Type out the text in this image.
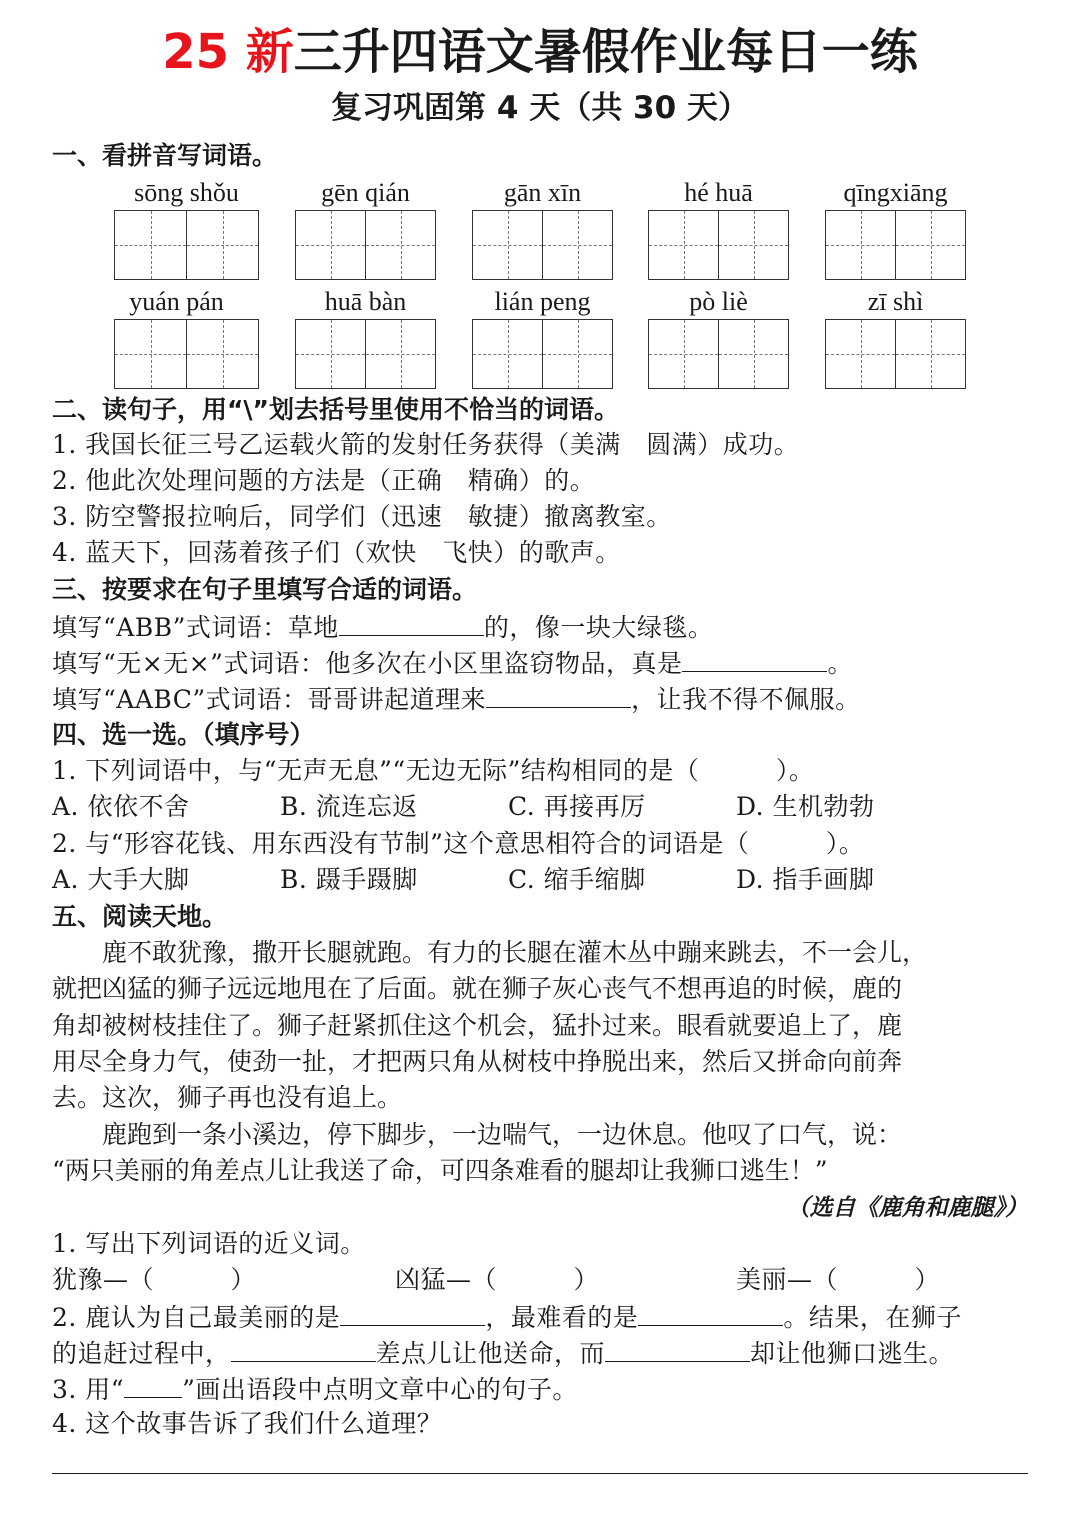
25 新三升四语文暑假作业每日一练
复习巩固第 4 天（共 30 天）
一、看拼音写词语。
sōng shǒu	gēn qián	gān xīn	hé huā	qīngxiāng
yuán pán	huā bàn	lián peng	pò liè	zī shì
二、读句子，用“\”划去括号里使用不恰当的词语。
1. 我国长征三号乙运载火箭的发射任务获得（美满　圆满）成功。
2. 他此次处理问题的方法是（正确　精确）的。
3. 防空警报拉响后，同学们（迅速　敏捷）撤离教室。
4. 蓝天下，回荡着孩子们（欢快　飞快）的歌声。
三、按要求在句子里填写合适的词语。
填写“ABB”式词语：草地	的，像一块大绿毯。
填写“无×无×”式词语：他多次在小区里盗窃物品，真是	。
填写“AABC”式词语：哥哥讲起道理来	，让我不得不佩服。
四、选一选。（填序号）
1. 下列词语中，与“无声无息”“无边无际”结构相同的是（　　　）。
A. 依依不舍	B. 流连忘返	C. 再接再厉	D. 生机勃勃
2. 与“形容花钱、用东西没有节制”这个意思相符合的词语是（　　　）。
A. 大手大脚	B. 蹑手蹑脚	C. 缩手缩脚	D. 指手画脚
五、阅读天地。
　　鹿不敢犹豫，撒开长腿就跑。有力的长腿在灌木丛中蹦来跳去，不一会儿，
就把凶猛的狮子远远地甩在了后面。就在狮子灰心丧气不想再追的时候，鹿的
角却被树枝挂住了。狮子赶紧抓住这个机会，猛扑过来。眼看就要追上了，鹿
用尽全身力气，使劲一扯，才把两只角从树枝中挣脱出来，然后又拼命向前奔
去。这次，狮子再也没有追上。
　　鹿跑到一条小溪边，停下脚步，一边喘气，一边休息。他叹了口气，说：
“两只美丽的角差点儿让我送了命，可四条难看的腿却让我狮口逃生！”
（选自《鹿角和鹿腿》）
1. 写出下列词语的近义词。
犹豫—（　　　）	凶猛—（　　　）	美丽—（　　　）
2. 鹿认为自己最美丽的是	，最难看的是	。结果，在狮子
的追赶过程中，	差点儿让他送命，而	却让他狮口逃生。
3. 用“ ”画出语段中点明文章中心的句子。
4. 这个故事告诉了我们什么道理？
